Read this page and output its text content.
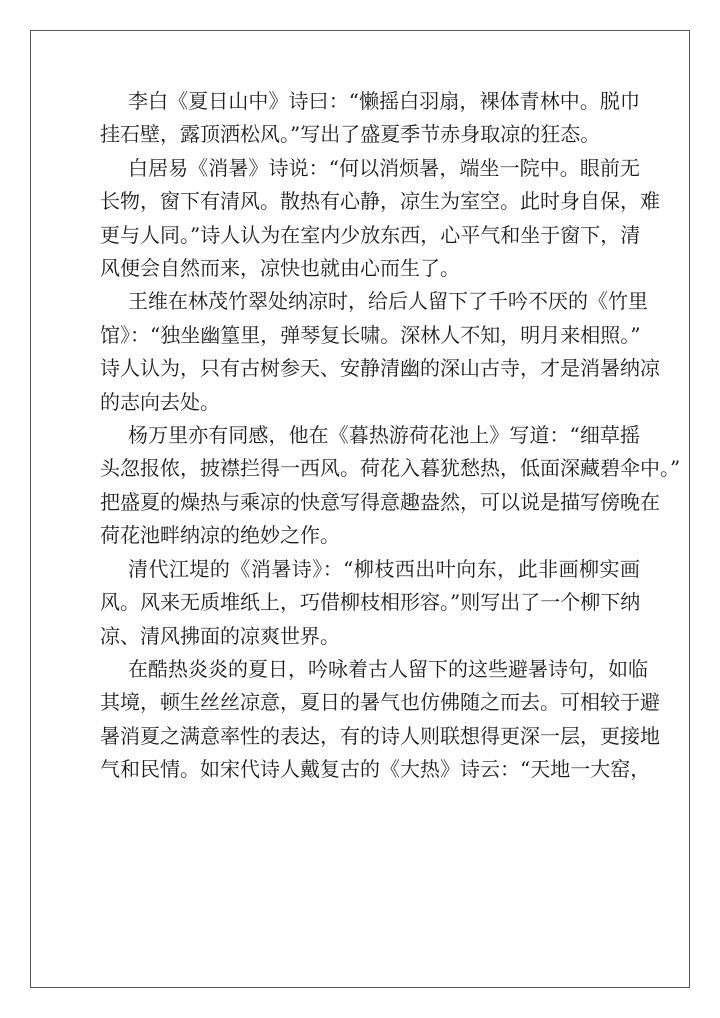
李白《夏日山中》诗曰：“懒摇白羽扇，裸体青林中。脱巾
挂石壁，露顶洒松风。”写出了盛夏季节赤身取凉的狂态。

白居易《消暑》诗说：“何以消烦暑，端坐一院中。眼前无
长物，窗下有清风。散热有心静，凉生为室空。此时身自保，难
更与人同。”诗人认为在室内少放东西，心平气和坐于窗下，清
风便会自然而来，凉快也就由心而生了。

王维在林茂竹翠处纳凉时，给后人留下了千吟不厌的《竹里
馆》：“独坐幽篁里，弹琴复长啸。深林人不知，明月来相照。”
诗人认为，只有古树参天、安静清幽的深山古寺，才是消暑纳凉
的志向去处。

杨万里亦有同感，他在《暮热游荷花池上》写道：“细草摇
头忽报侬，披襟拦得一西风。荷花入暮犹愁热，低面深藏碧伞中。”
把盛夏的燥热与乘凉的快意写得意趣盎然，可以说是描写傍晚在
荷花池畔纳凉的绝妙之作。

清代江堤的《消暑诗》：“柳枝西出叶向东，此非画柳实画
风。风来无质堆纸上，巧借柳枝相形容。”则写出了一个柳下纳
凉、清风拂面的凉爽世界。

在酷热炎炎的夏日，吟咏着古人留下的这些避暑诗句，如临
其境，顿生丝丝凉意，夏日的暑气也仿佛随之而去。可相较于避
暑消夏之满意率性的表达，有的诗人则联想得更深一层，更接地
气和民情。如宋代诗人戴复古的《大热》诗云：“天地一大窑，
